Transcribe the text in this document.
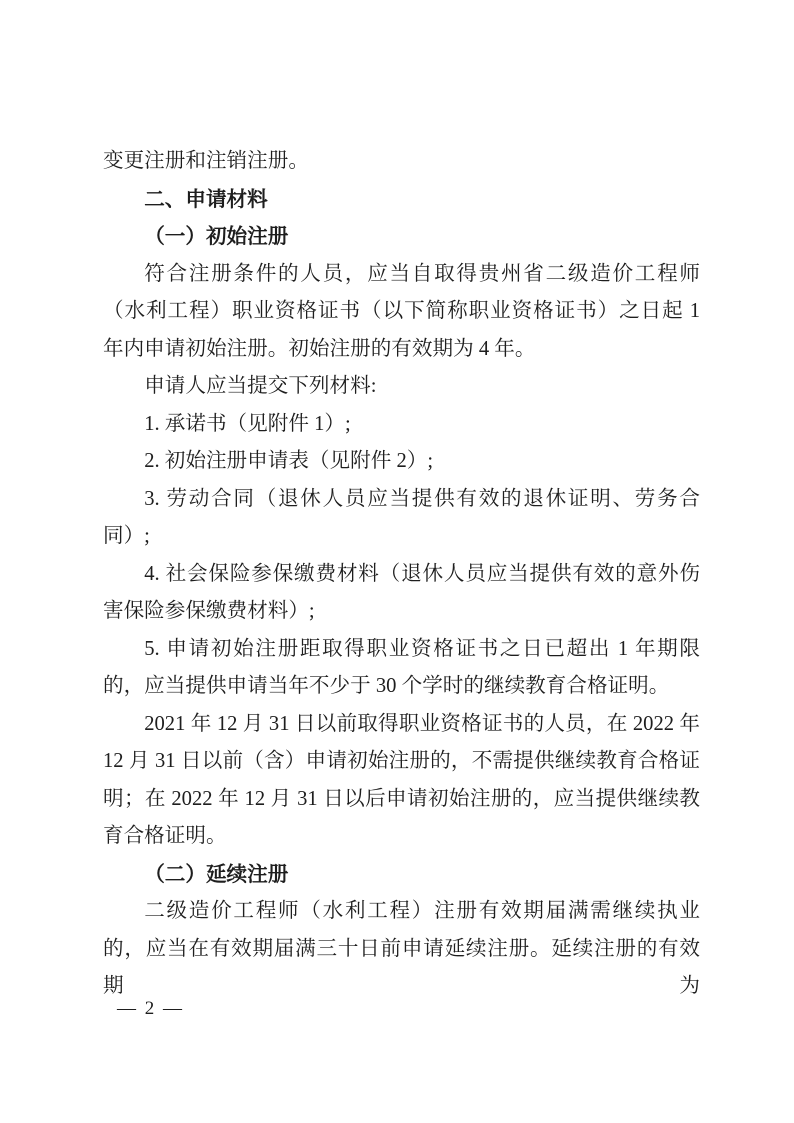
变更注册和注销注册。

二、申请材料

（一）初始注册

符合注册条件的人员，应当自取得贵州省二级造价工程师（水利工程）职业资格证书（以下简称职业资格证书）之日起 1 年内申请初始注册。初始注册的有效期为 4 年。

申请人应当提交下列材料:

1. 承诺书（见附件 1）;

2. 初始注册申请表（见附件 2）;

3. 劳动合同（退休人员应当提供有效的退休证明、劳务合同）;

4. 社会保险参保缴费材料（退休人员应当提供有效的意外伤害保险参保缴费材料）;

5. 申请初始注册距取得职业资格证书之日已超出 1 年期限的，应当提供申请当年不少于 30 个学时的继续教育合格证明。

2021 年 12 月 31 日以前取得职业资格证书的人员，在 2022 年 12 月 31 日以前（含）申请初始注册的，不需提供继续教育合格证明；在 2022 年 12 月 31 日以后申请初始注册的，应当提供继续教育合格证明。

（二）延续注册

二级造价工程师（水利工程）注册有效期届满需继续执业的，应当在有效期届满三十日前申请延续注册。延续注册的有效期为

— 2 —
